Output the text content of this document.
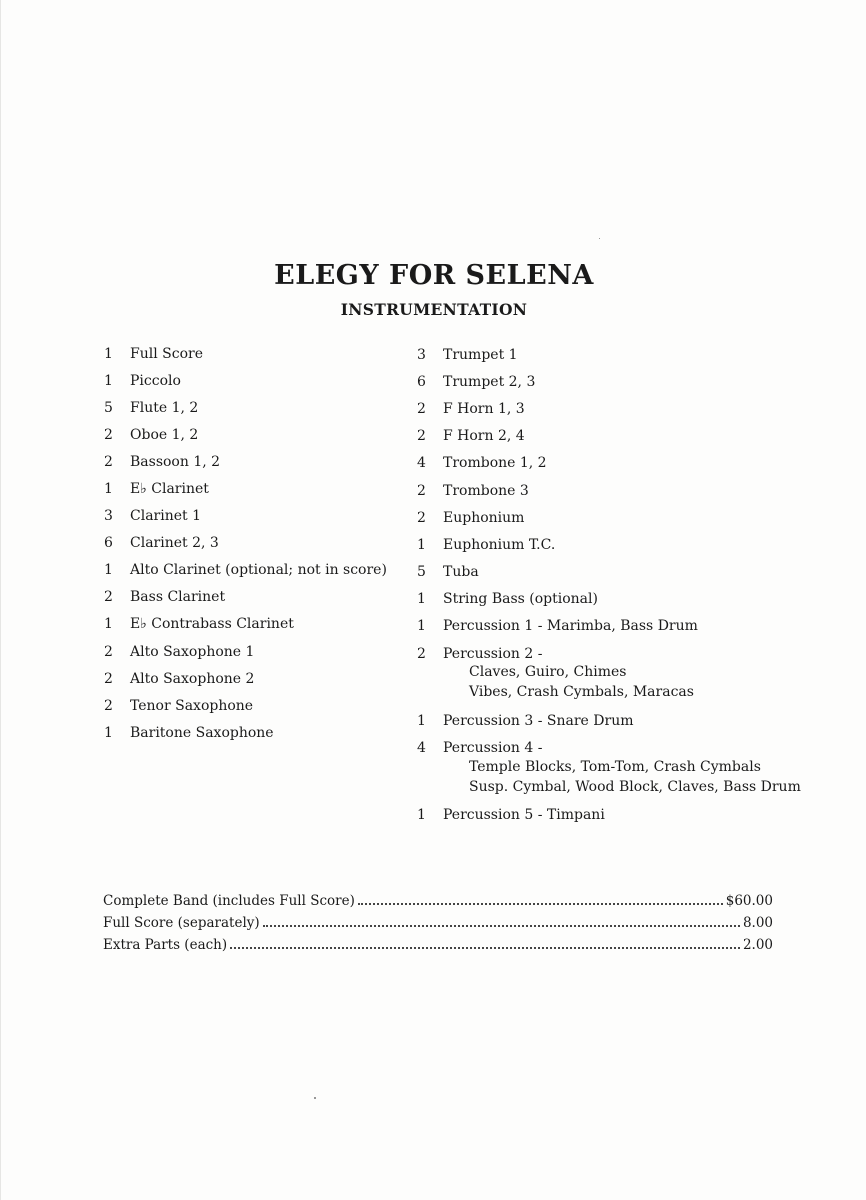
ELEGY FOR SELENA
INSTRUMENTATION
1	Full Score
1	Piccolo
5	Flute 1, 2
2	Oboe 1, 2
2	Bassoon 1, 2
1	E♭ Clarinet
3	Clarinet 1
6	Clarinet 2, 3
1	Alto Clarinet (optional; not in score)
2	Bass Clarinet
1	E♭ Contrabass Clarinet
2	Alto Saxophone 1
2	Alto Saxophone 2
2	Tenor Saxophone
1	Baritone Saxophone
3	Trumpet 1
6	Trumpet 2, 3
2	F Horn 1, 3
2	F Horn 2, 4
4	Trombone 1, 2
2	Trombone 3
2	Euphonium
1	Euphonium T.C.
5	Tuba
1	String Bass (optional)
1	Percussion 1 - Marimba, Bass Drum
2	Percussion 2 -
Claves, Guiro, Chimes
Vibes, Crash Cymbals, Maracas
1	Percussion 3 - Snare Drum
4	Percussion 4 -
Temple Blocks, Tom-Tom, Crash Cymbals
Susp. Cymbal, Wood Block, Claves, Bass Drum
1	Percussion 5 - Timpani
Complete Band (includes Full Score)	$60.00
Full Score (separately)	8.00
Extra Parts (each)	2.00
